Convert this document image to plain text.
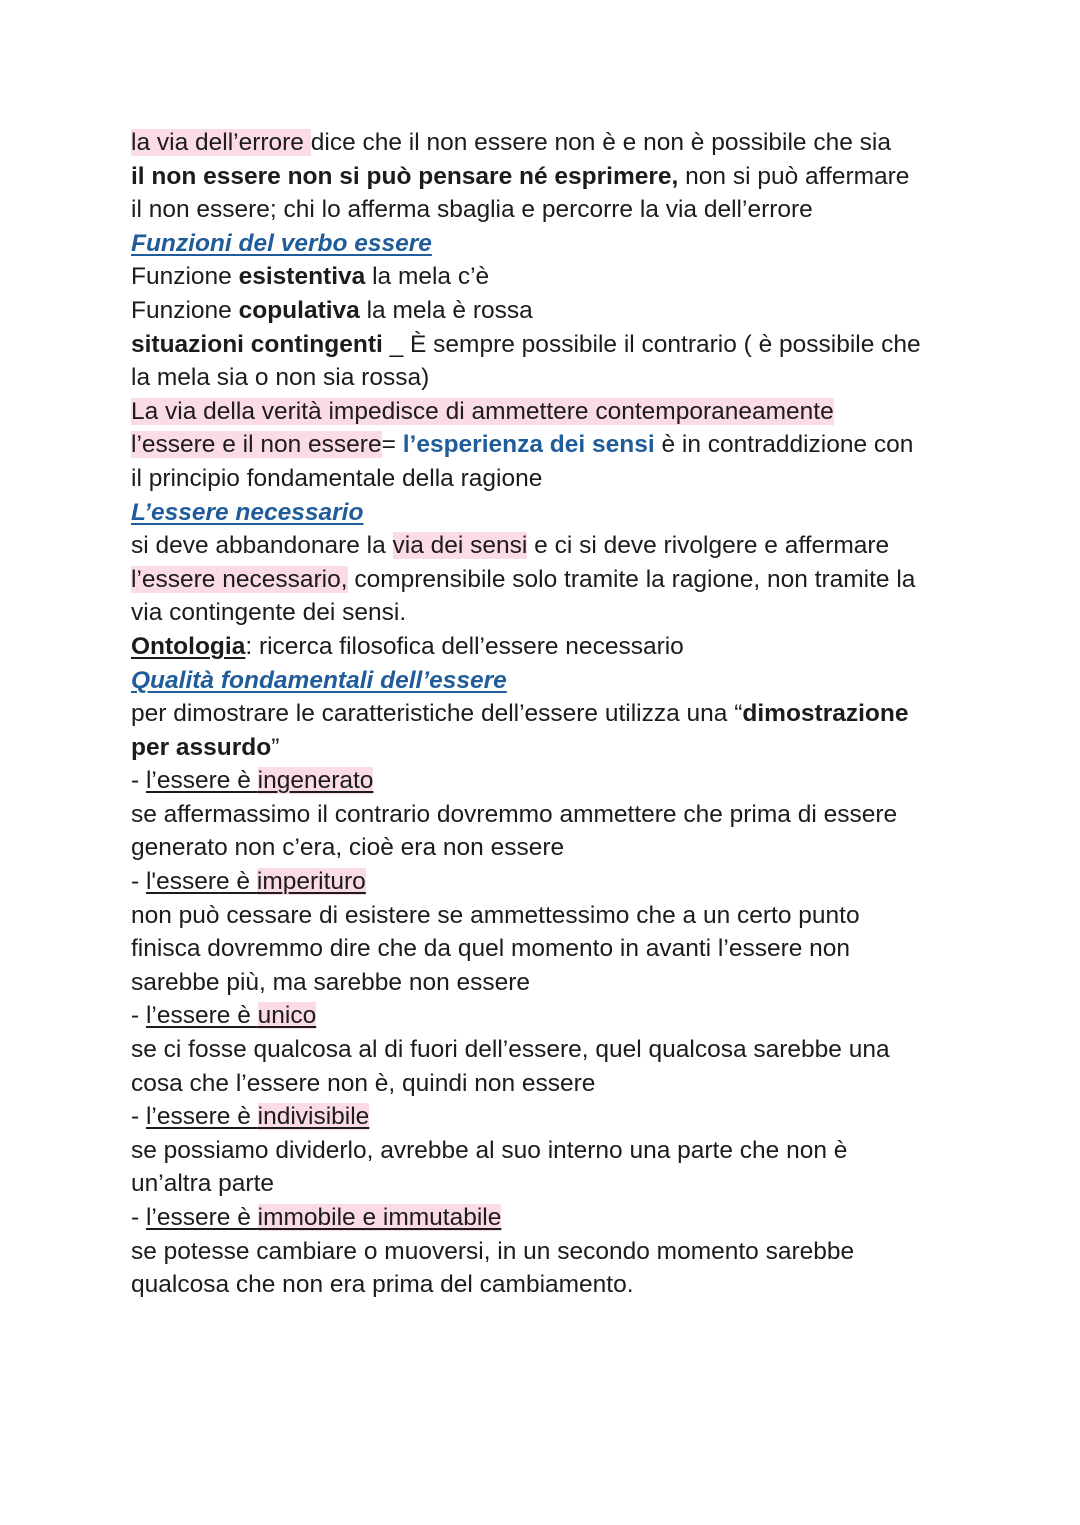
la via dell’errore dice che il non essere non è e non è possibile che sia
il non essere non si può pensare né esprimere, non si può affermare
il non essere; chi lo afferma sbaglia e percorre la via dell’errore
Funzioni del verbo essere
Funzione esistentiva la mela c’è
Funzione copulativa la mela è rossa
situazioni contingenti _ È sempre possibile il contrario ( è possibile che
la mela sia o non sia rossa)
La via della verità impedisce di ammettere contemporaneamente
l’essere e il non essere= l’esperienza dei sensi è in contraddizione con
il principio fondamentale della ragione
L’essere necessario
si deve abbandonare la via dei sensi e ci si deve rivolgere e affermare
l’essere necessario, comprensibile solo tramite la ragione, non tramite la
via contingente dei sensi.
Ontologia: ricerca filosofica dell’essere necessario
Qualità fondamentali dell’essere
per dimostrare le caratteristiche dell’essere utilizza una “dimostrazione
per assurdo”
- l’essere è ingenerato
se affermassimo il contrario dovremmo ammettere che prima di essere
generato non c’era, cioè era non essere
- l'essere è imperituro
non può cessare di esistere se ammettessimo che a un certo punto
finisca dovremmo dire che da quel momento in avanti l’essere non
sarebbe più, ma sarebbe non essere
- l’essere è unico
se ci fosse qualcosa al di fuori dell’essere, quel qualcosa sarebbe una
cosa che l’essere non è, quindi non essere
- l’essere è indivisibile
se possiamo dividerlo, avrebbe al suo interno una parte che non è
un’altra parte
- l’essere è immobile e immutabile
se potesse cambiare o muoversi, in un secondo momento sarebbe
qualcosa che non era prima del cambiamento.
